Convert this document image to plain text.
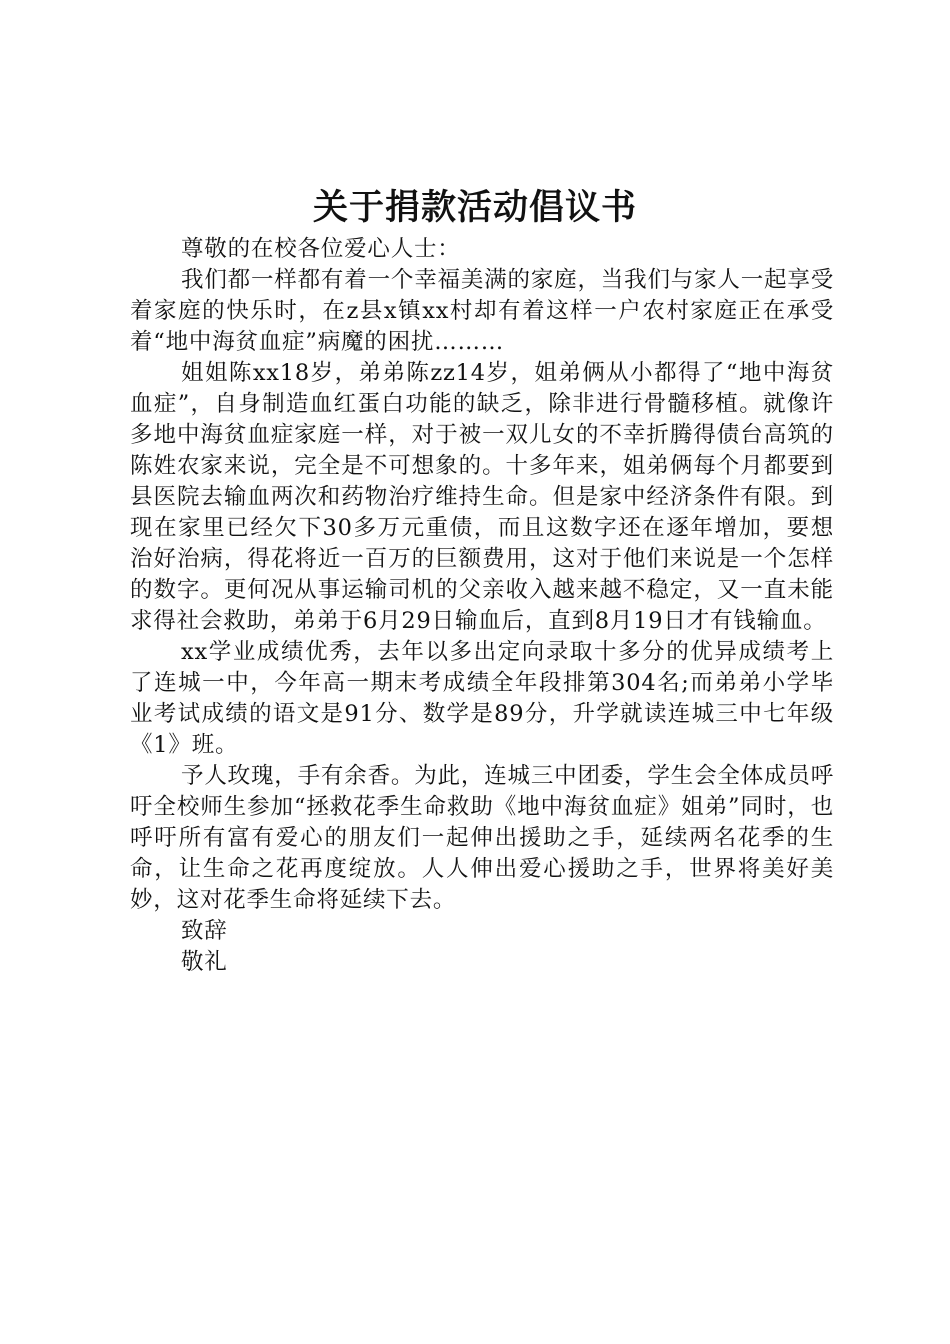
关于捐款活动倡议书

尊敬的在校各位爱心人士：

我们都一样都有着一个幸福美满的家庭，当我们与家人一起享受着家庭的快乐时，在z县x镇xx村却有着这样一户农村家庭正在承受着“地中海贫血症”病魔的困扰………

姐姐陈xx18岁，弟弟陈zz14岁，姐弟俩从小都得了“地中海贫血症”，自身制造血红蛋白功能的缺乏，除非进行骨髓移植。就像许多地中海贫血症家庭一样，对于被一双儿女的不幸折腾得债台高筑的陈姓农家来说，完全是不可想象的。十多年来，姐弟俩每个月都要到县医院去输血两次和药物治疗维持生命。但是家中经济条件有限。到现在家里已经欠下30多万元重债，而且这数字还在逐年增加，要想治好治病，得花将近一百万的巨额费用，这对于他们来说是一个怎样的数字。更何况从事运输司机的父亲收入越来越不稳定，又一直未能求得社会救助，弟弟于6月29日输血后，直到8月19日才有钱输血。

xx学业成绩优秀，去年以多出定向录取十多分的优异成绩考上了连城一中，今年高一期末考成绩全年段排第304名;而弟弟小学毕业考试成绩的语文是91分、数学是89分，升学就读连城三中七年级《1》班。

予人玫瑰，手有余香。为此，连城三中团委，学生会全体成员呼吁全校师生参加“拯救花季生命救助《地中海贫血症》姐弟”同时，也呼吁所有富有爱心的朋友们一起伸出援助之手，延续两名花季的生命，让生命之花再度绽放。人人伸出爱心援助之手，世界将美好美妙，这对花季生命将延续下去。

致辞

敬礼
